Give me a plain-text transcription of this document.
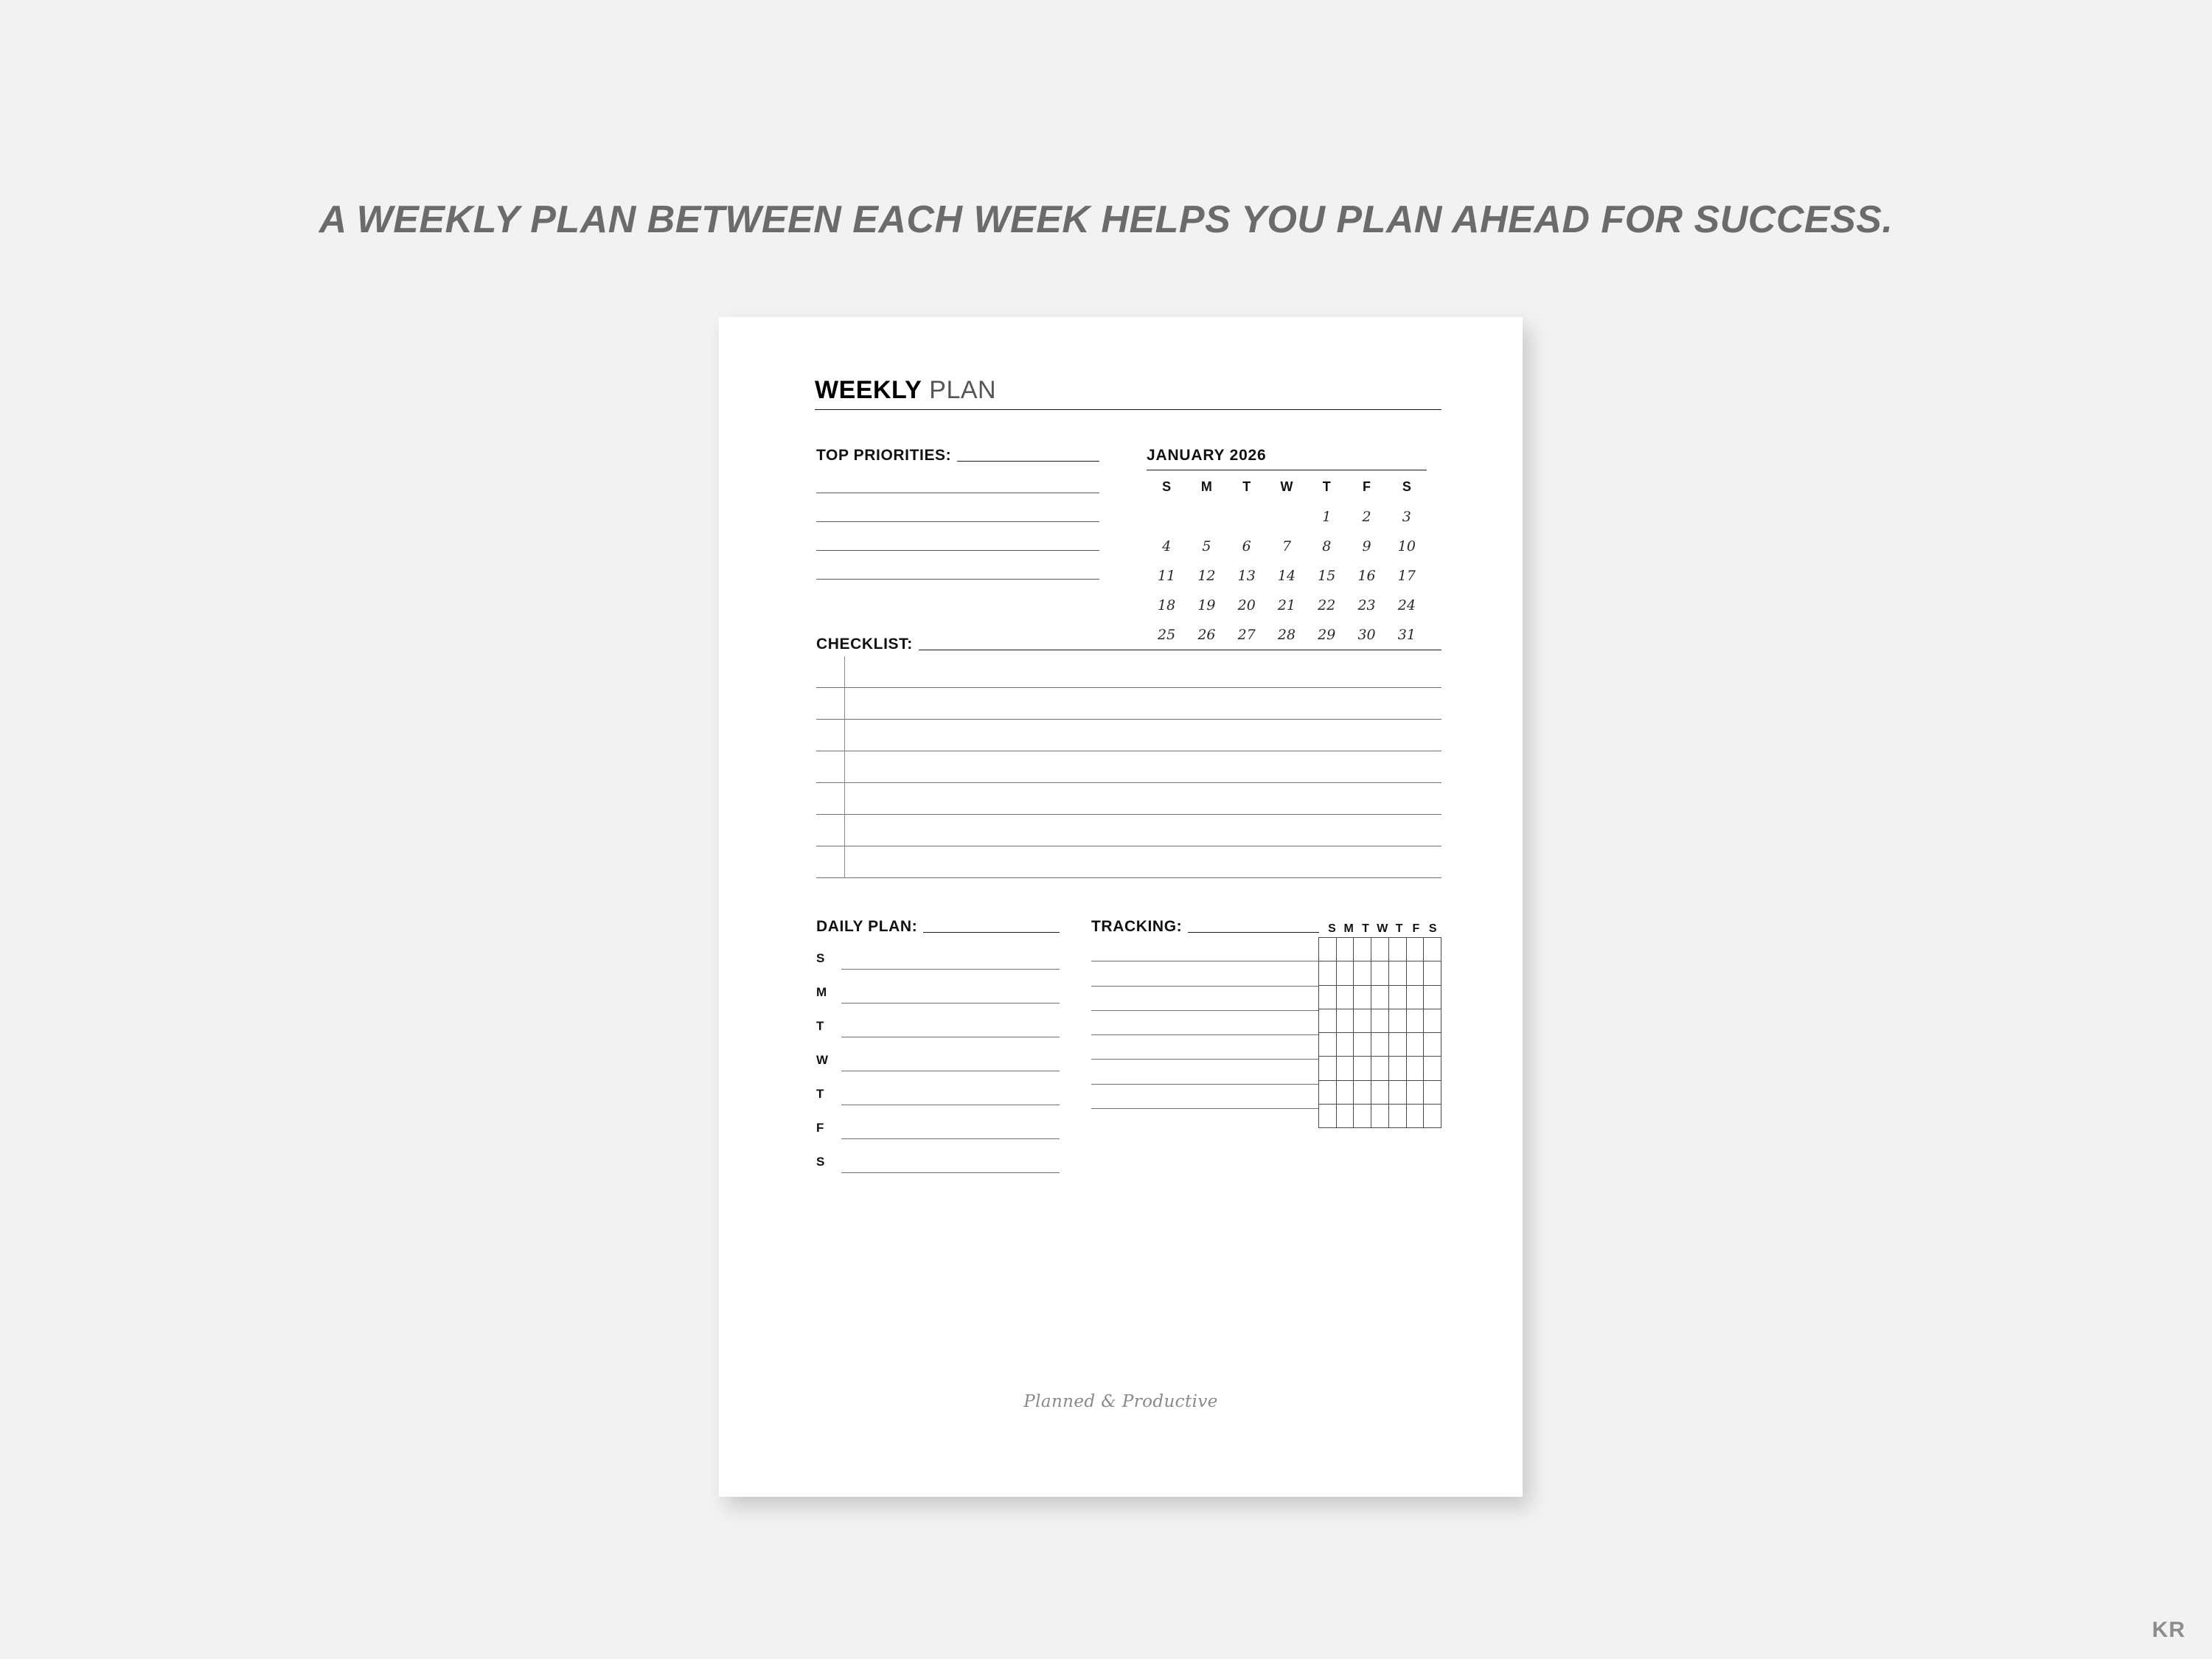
A WEEKLY PLAN BETWEEN EACH WEEK HELPS YOU PLAN AHEAD FOR SUCCESS.
WEEKLY PLAN
TOP PRIORITIES:	JANUARY 2026
S	M	T	W	T	F	S
				1	2	3
4	5	6	7	8	9	10
11	12	13	14	15	16	17
18	19	20	21	22	23	24
25	26	27	28	29	30	31
CHECKLIST:
DAILY PLAN:
S
M
T
W
T
F
S
TRACKING:	S M T W T F S
Planned & Productive
KR
